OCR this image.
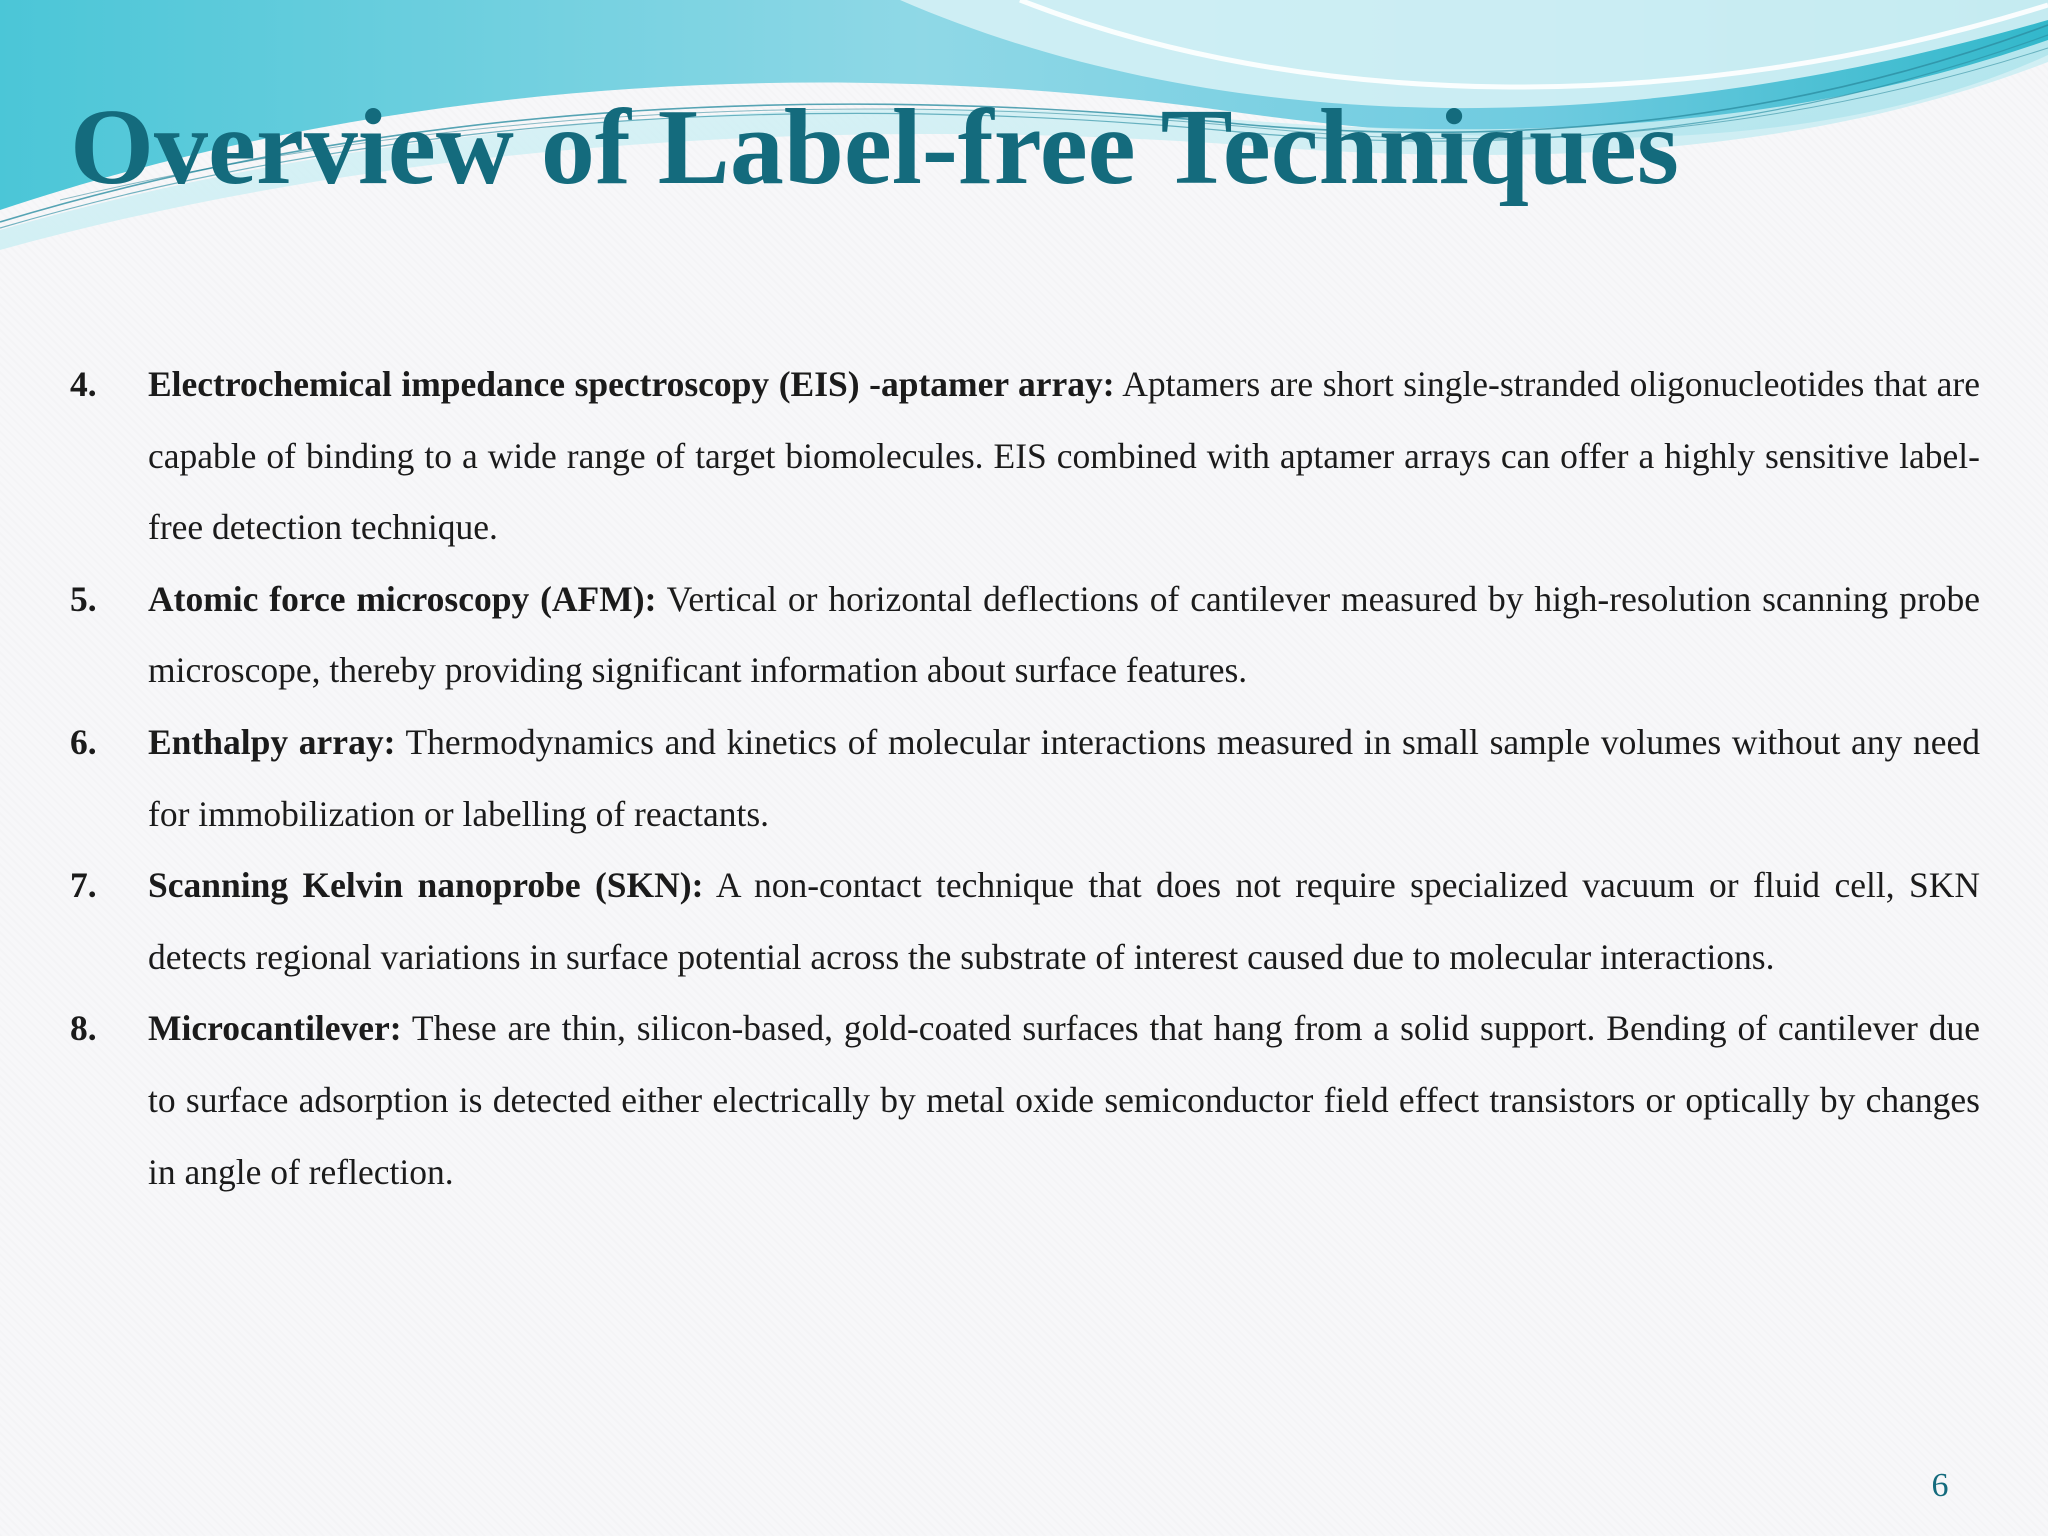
Overview of Label-free Techniques
4. Electrochemical impedance spectroscopy (EIS) -aptamer array: Aptamers are short single-stranded oligonucleotides that are capable of binding to a wide range of target biomolecules. EIS combined with aptamer arrays can offer a highly sensitive label-free detection technique.
5. Atomic force microscopy (AFM): Vertical or horizontal deflections of cantilever measured by high-resolution scanning probe microscope, thereby providing significant information about surface features.
6. Enthalpy array: Thermodynamics and kinetics of molecular interactions measured in small sample volumes without any need for immobilization or labelling of reactants.
7. Scanning Kelvin nanoprobe (SKN): A non-contact technique that does not require specialized vacuum or fluid cell, SKN detects regional variations in surface potential across the substrate of interest caused due to molecular interactions.
8. Microcantilever: These are thin, silicon-based, gold-coated surfaces that hang from a solid support. Bending of cantilever due to surface adsorption is detected either electrically by metal oxide semiconductor field effect transistors or optically by changes in angle of reflection.
6
